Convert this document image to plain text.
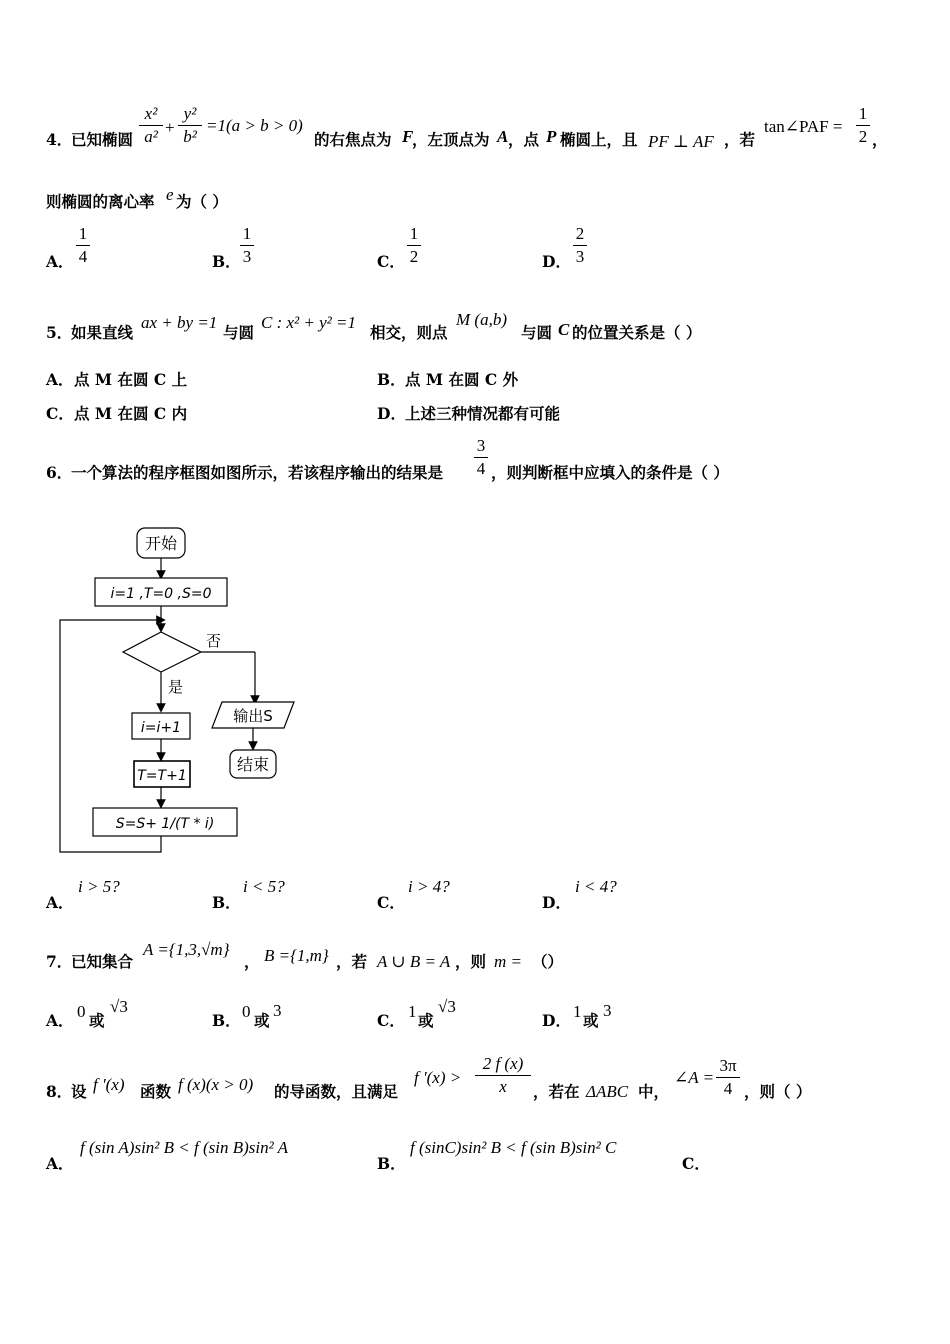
4．
已知椭圆
x²
a² +
y²
b²
=1(a > b > 0)
的右焦点为 F
，左顶点为 A ，点 P 椭圆上，且 PF ⊥ AF ，若
tan∠PAF =
1
2 ，
则椭圆的离心率 e 为（ ）
A．
1
4	B．
1
3	C．
1
2	D．
2
3
5．
如果直线
ax + by =1
与圆
C : x² + y² =1
相交，则点
M (a,b)
与圆 C 的位置关系是（ ）
A． 点 M 在圆 C 上	B． 点 M 在圆 C 外
C． 点 M 在圆 C 内	D． 上述三种情况都有可能
6．
一个算法的程序框图如图所示，若该程序输出的结果是
3
4 ，则判断框中应填入的条件是（ ）
开始
i=1 ,T=0 ,S=0
否
是
输出S
结束
i=i+1
T=T+1
S=S+ 1/(T * i)
A．
i > 5?
B．
i < 5?
C．
i > 4?
D．
i < 4?
7．
已知集合
A ={1,3,√m}
， B ={1,m} ，若 A ∪ B = A ，则 m = （）
A． 0 或
√3
B． 0 或
3
C． 1 或
√3
D． 1 或
3
8．
设 f '(x) 函数 f (x)(x > 0) 的导函数，且满足
f '(x) >
2 f (x)
x	，若在 ΔABC 中，
∠A =
3π
4 ，则（ ）
A．
f (sin A)sin² B < f (sin B)sin² A
B．
f (sinC)sin² B < f (sin B)sin² C
C．
